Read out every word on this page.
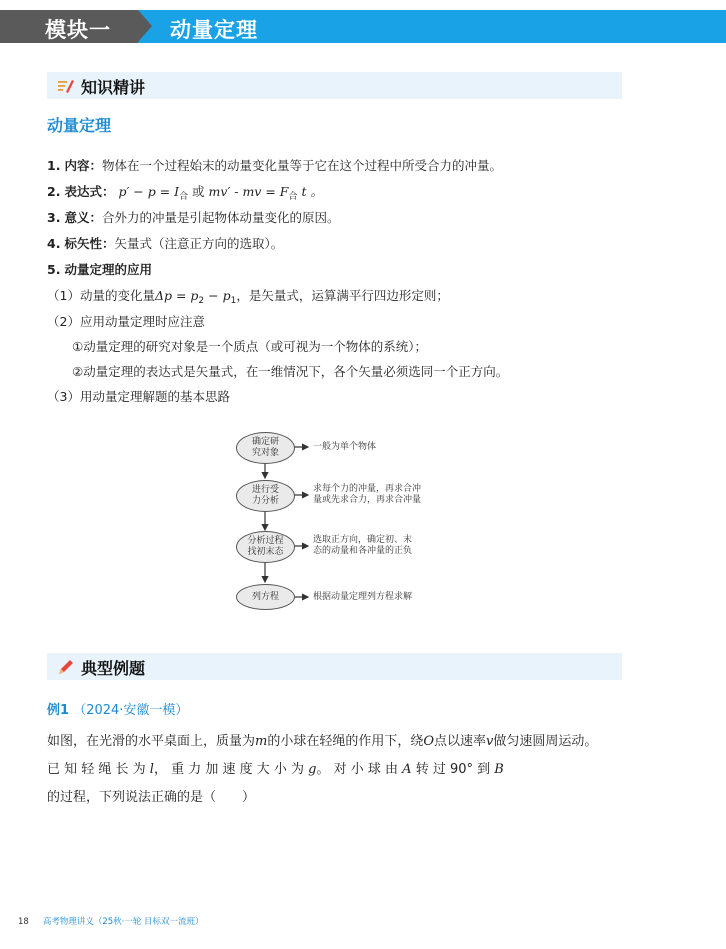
模块一	动量定理
知识精讲
动量定理
1. 内容：物体在一个过程始末的动量变化量等于它在这个过程中所受合力的冲量。
2. 表达式： $p' - p = I_合$ 或 mv′ - mv = $F_合$ t 。
3. 意义：合外力的冲量是引起物体动量变化的原因。
4. 标矢性：矢量式（注意正方向的选取）。
5. 动量定理的应用
（1）动量的变化量$\Delta p = p_2 - p_1$，是矢量式，运算满平行四边形定则；
（2）应用动量定理时应注意
①动量定理的研究对象是一个质点（或可视为一个物体的系统）；
②动量定理的表达式是矢量式，在一维情况下，各个矢量必须选同一个正方向。
（3）用动量定理解题的基本思路
确定研
究对象
一般为单个物体
进行受
力分析
求每个力的冲量，再求合冲
量或先求合力，再求合冲量
分析过程
找初末态
选取正方向，确定初、末
态的动量和各冲量的正负
列方程	根据动量定理列方程求解
典型例题
例1 （2024·安徽一模）
如图，在光滑的水平桌面上，质量为m的小球在轻绳的作用下，绕O点以速率v做匀速圆周运动。
已 知 轻 绳 长 为 l， 重 力 加 速 度 大 小 为 g。 对 小 球 由 A 转 过 90° 到 B
的过程，下列说法正确的是（　　）
18 高考物理讲义（25秋·一轮 目标双一流班）
